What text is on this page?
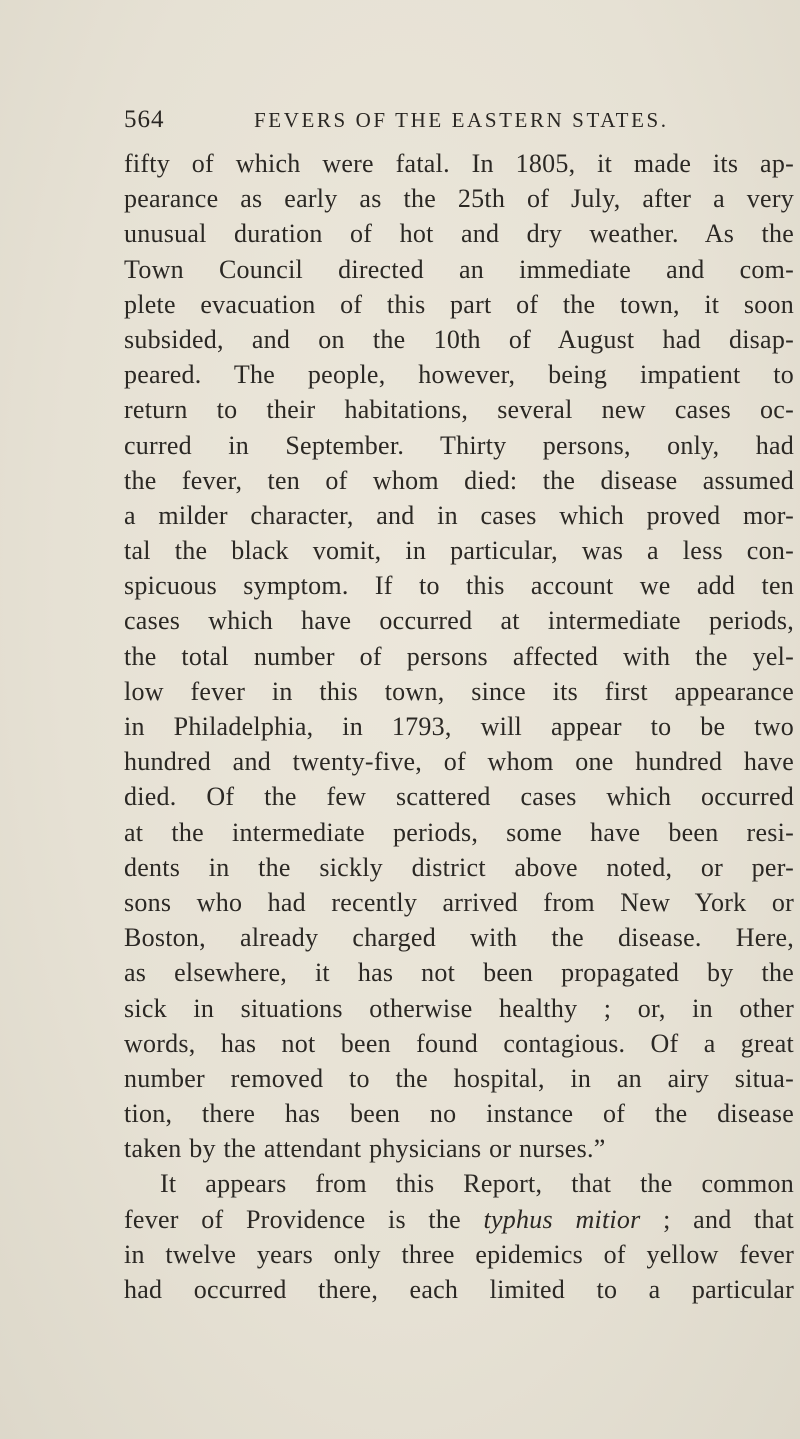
564	FEVERS OF THE EASTERN STATES.
fifty of which were fatal. In 1805, it made its ap-
pearance as early as the 25th of July, after a very
unusual duration of hot and dry weather. As the
Town Council directed an immediate and com-
plete evacuation of this part of the town, it soon
subsided, and on the 10th of August had disap-
peared. The people, however, being impatient to
return to their habitations, several new cases oc-
curred in September. Thirty persons, only, had
the fever, ten of whom died: the disease assumed
a milder character, and in cases which proved mor-
tal the black vomit, in particular, was a less con-
spicuous symptom. If to this account we add ten
cases which have occurred at intermediate periods,
the total number of persons affected with the yel-
low fever in this town, since its first appearance
in Philadelphia, in 1793, will appear to be two
hundred and twenty-five, of whom one hundred have
died. Of the few scattered cases which occurred
at the intermediate periods, some have been resi-
dents in the sickly district above noted, or per-
sons who had recently arrived from New York or
Boston, already charged with the disease. Here,
as elsewhere, it has not been propagated by the
sick in situations otherwise healthy ; or, in other
words, has not been found contagious. Of a great
number removed to the hospital, in an airy situa-
tion, there has been no instance of the disease
taken by the attendant physicians or nurses.”
It appears from this Report, that the common
fever of Providence is the typhus mitior ; and that
in twelve years only three epidemics of yellow fever
had occurred there, each limited to a particular
